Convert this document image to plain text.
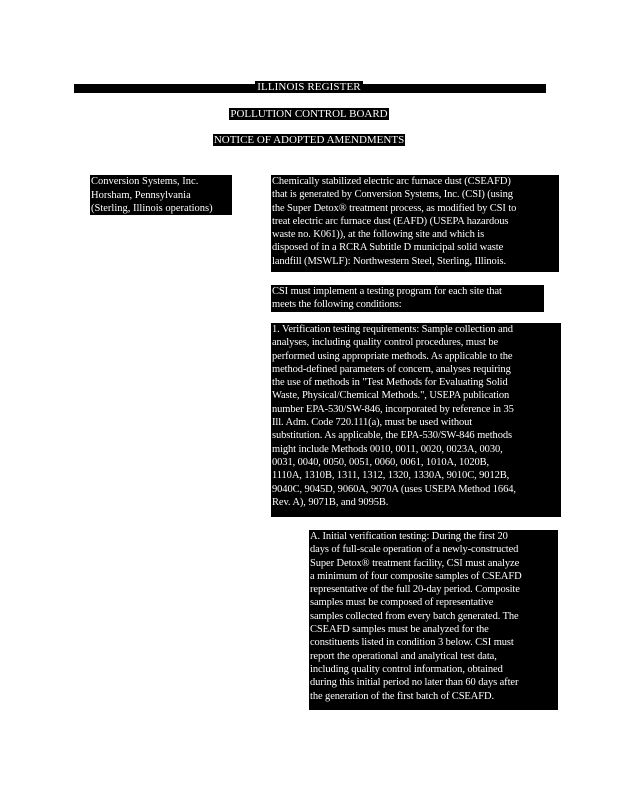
ILLINOIS REGISTER
POLLUTION CONTROL BOARD
NOTICE OF ADOPTED AMENDMENTS
Conversion Systems, Inc.
Horsham, Pennsylvania
(Sterling, Illinois operations)
Chemically stabilized electric arc furnace dust (CSEAFD)
that is generated by Conversion Systems, Inc. (CSI) (using
the Super Detox® treatment process, as modified by CSI to
treat electric arc furnace dust (EAFD) (USEPA hazardous
waste no. K061)), at the following site and which is
disposed of in a RCRA Subtitle D municipal solid waste
landfill (MSWLF): Northwestern Steel, Sterling, Illinois.
CSI must implement a testing program for each site that
meets the following conditions:
1. Verification testing requirements: Sample collection and
analyses, including quality control procedures, must be
performed using appropriate methods. As applicable to the
method-defined parameters of concern, analyses requiring
the use of methods in "Test Methods for Evaluating Solid
Waste, Physical/Chemical Methods.", USEPA publication
number EPA-530/SW-846, incorporated by reference in 35
Ill. Adm. Code 720.111(a), must be used without
substitution. As applicable, the EPA-530/SW-846 methods
might include Methods 0010, 0011, 0020, 0023A, 0030,
0031, 0040, 0050, 0051, 0060, 0061, 1010A, 1020B,
1110A, 1310B, 1311, 1312, 1320, 1330A, 9010C, 9012B,
9040C, 9045D, 9060A, 9070A (uses USEPA Method 1664,
Rev. A), 9071B, and 9095B.
A. Initial verification testing: During the first 20
days of full-scale operation of a newly-constructed
Super Detox® treatment facility, CSI must analyze
a minimum of four composite samples of CSEAFD
representative of the full 20-day period. Composite
samples must be composed of representative
samples collected from every batch generated. The
CSEAFD samples must be analyzed for the
constituents listed in condition 3 below. CSI must
report the operational and analytical test data,
including quality control information, obtained
during this initial period no later than 60 days after
the generation of the first batch of CSEAFD.
